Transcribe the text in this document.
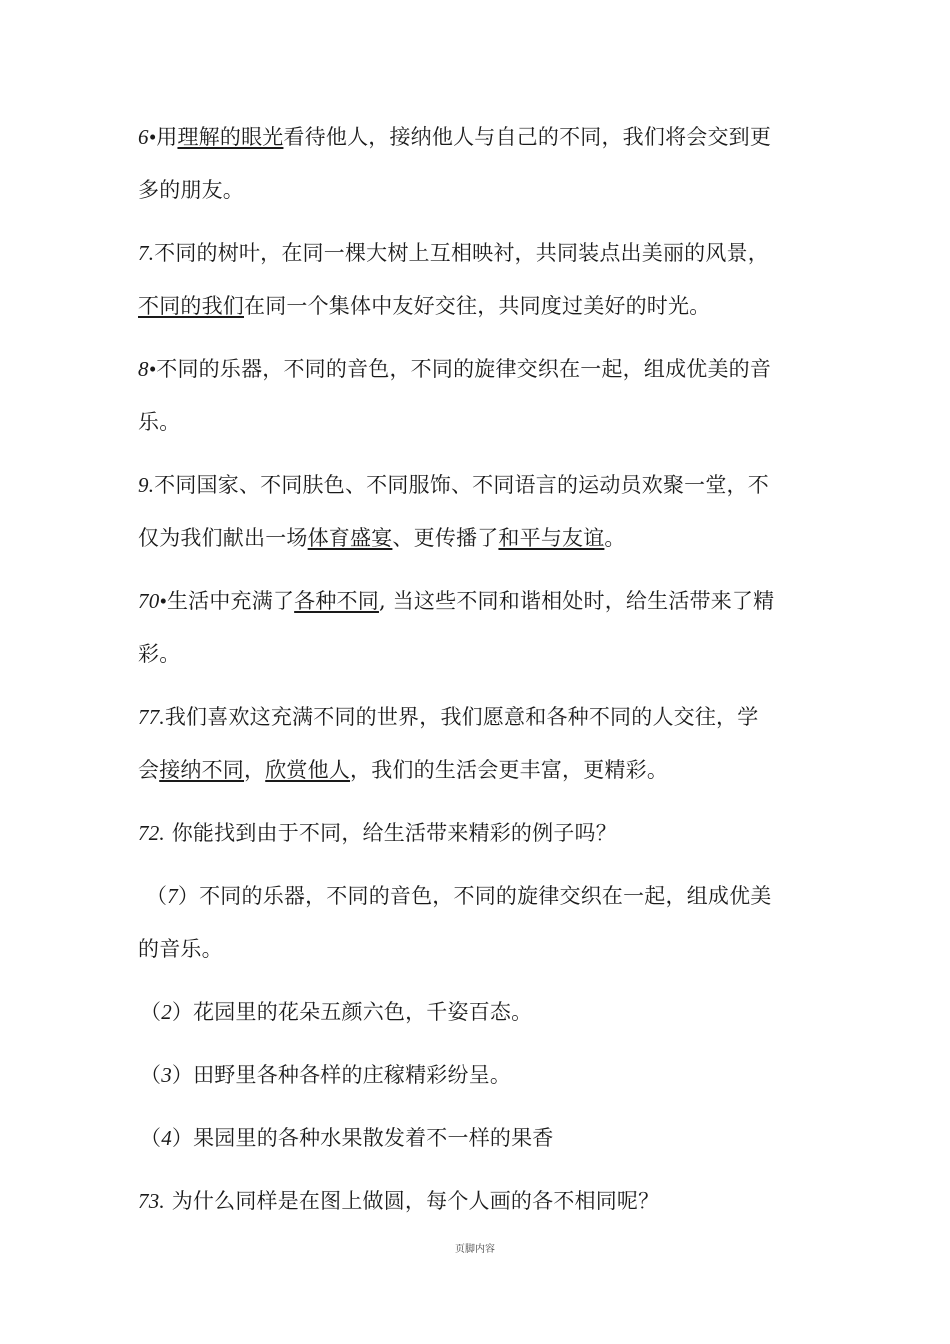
6•用理解的眼光看待他人，接纳他人与自己的不同，我们将会交到更
多的朋友。
7.不同的树叶，在同一棵大树上互相映衬，共同装点出美丽的风景，
不同的我们在同一个集体中友好交往，共同度过美好的时光。
8•不同的乐器，不同的音色，不同的旋律交织在一起，组成优美的音
乐。
9.不同国家、不同肤色、不同服饰、不同语言的运动员欢聚一堂，不
仅为我们献出一场体育盛宴、更传播了和平与友谊。
70•生活中充满了各种不同, 当这些不同和谐相处时，给生活带来了精
彩。
77.我们喜欢这充满不同的世界，我们愿意和各种不同的人交往，学
会接纳不同，欣赏他人，我们的生活会更丰富，更精彩。
72. 你能找到由于不同，给生活带来精彩的例子吗？
（7）不同的乐器，不同的音色，不同的旋律交织在一起，组成优美
的音乐。
（2）花园里的花朵五颜六色，千姿百态。
（3）田野里各种各样的庄稼精彩纷呈。
（4）果园里的各种水果散发着不一样的果香
73. 为什么同样是在图上做圆，每个人画的各不相同呢？
页脚内容
